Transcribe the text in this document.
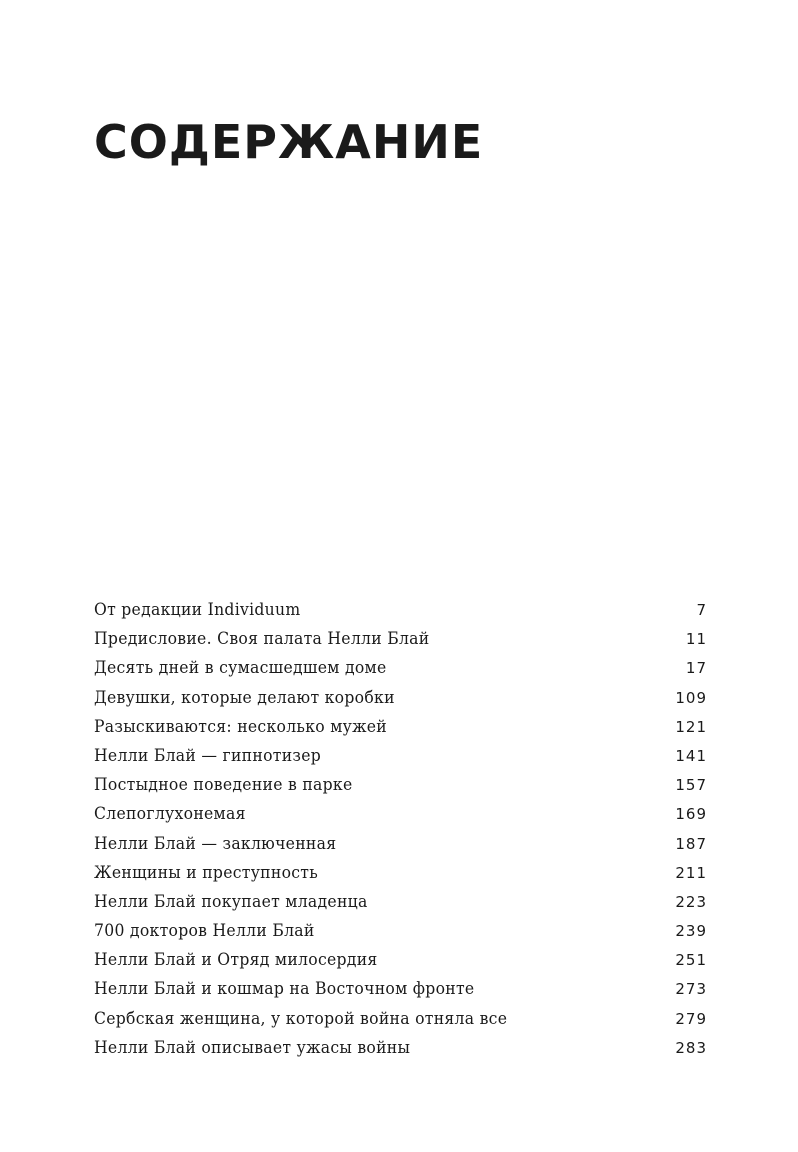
СОДЕРЖАНИЕ
От редакции Individuum	7
Предисловие. Своя палата Нелли Блай	11
Десять дней в сумасшедшем доме	17
Девушки, которые делают коробки	109
Разыскиваются: несколько мужей	121
Нелли Блай — гипнотизер	141
Постыдное поведение в парке	157
Слепоглухонемая	169
Нелли Блай — заключенная	187
Женщины и преступность	211
Нелли Блай покупает младенца	223
700 докторов Нелли Блай	239
Нелли Блай и Отряд милосердия	251
Нелли Блай и кошмар на Восточном фронте	273
Сербская женщина, у которой война отняла все	279
Нелли Блай описывает ужасы войны	283
